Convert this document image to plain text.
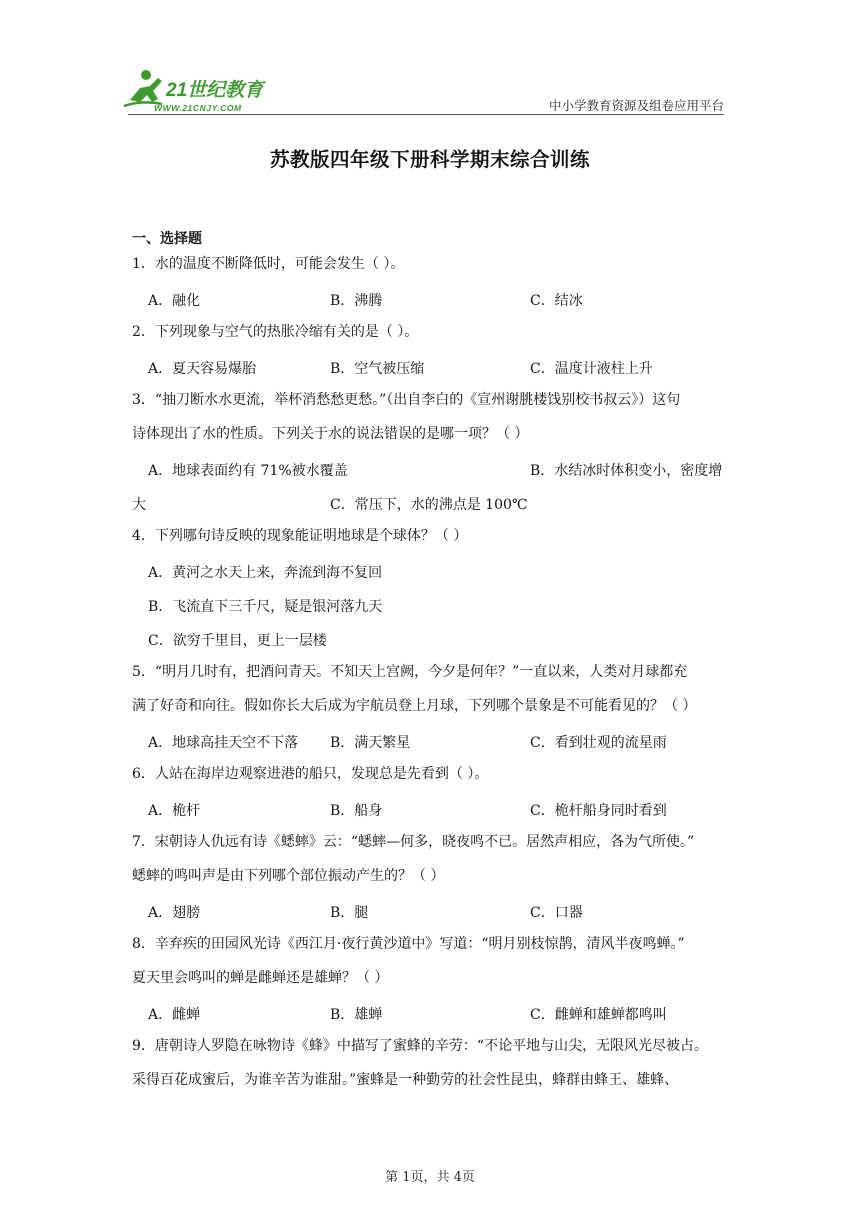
21世纪教育
WWW.21CNJY.COM	中小学教育资源及组卷应用平台
苏教版四年级下册科学期末综合训练
一、选择题
1．水的温度不断降低时，可能会发生（ ）。
A．融化	B．沸腾	C．结冰
2．下列现象与空气的热胀冷缩有关的是（ ）。
A．夏天容易爆胎	B．空气被压缩	C．温度计液柱上升
3．“抽刀断水水更流，举杯消愁愁更愁。”（出自李白的《宣州谢朓楼饯别校书叔云》）这句
诗体现出了水的性质。下列关于水的说法错误的是哪一项？（ ）
A．地球表面约有 71%被水覆盖	B．水结冰时体积变小，密度增
大	C．常压下，水的沸点是 100℃
4．下列哪句诗反映的现象能证明地球是个球体？（ ）
A．黄河之水天上来，奔流到海不复回
B．飞流直下三千尺，疑是银河落九天
C．欲穷千里目，更上一层楼
5．“明月几时有，把酒问青天。不知天上宫阙，今夕是何年？”一直以来，人类对月球都充
满了好奇和向往。假如你长大后成为宇航员登上月球，下列哪个景象是不可能看见的？（ ）
A．地球高挂天空不下落 B．满天繁星	C．看到壮观的流星雨
6．人站在海岸边观察进港的船只，发现总是先看到（ ）。
A．桅杆	B．船身	C．桅杆船身同时看到
7．宋朝诗人仇远有诗《蟋蟀》云：“蟋蟀—何多，晓夜鸣不已。居然声相应，各为气所使。”
蟋蟀的鸣叫声是由下列哪个部位振动产生的？（ ）
A．翅膀	B．腿	C．口器
8．辛弃疾的田园风光诗《西江月·夜行黄沙道中》写道：“明月别枝惊鹊，清风半夜鸣蝉。”
夏天里会鸣叫的蝉是雌蝉还是雄蝉？（ ）
A．雌蝉	B．雄蝉	C．雌蝉和雄蝉都鸣叫
9．唐朝诗人罗隐在咏物诗《蜂》中描写了蜜蜂的辛劳：“不论平地与山尖，无限风光尽被占。
采得百花成蜜后，为谁辛苦为谁甜。”蜜蜂是一种勤劳的社会性昆虫，蜂群由蜂王、雄蜂、
第 1页，共 4页
